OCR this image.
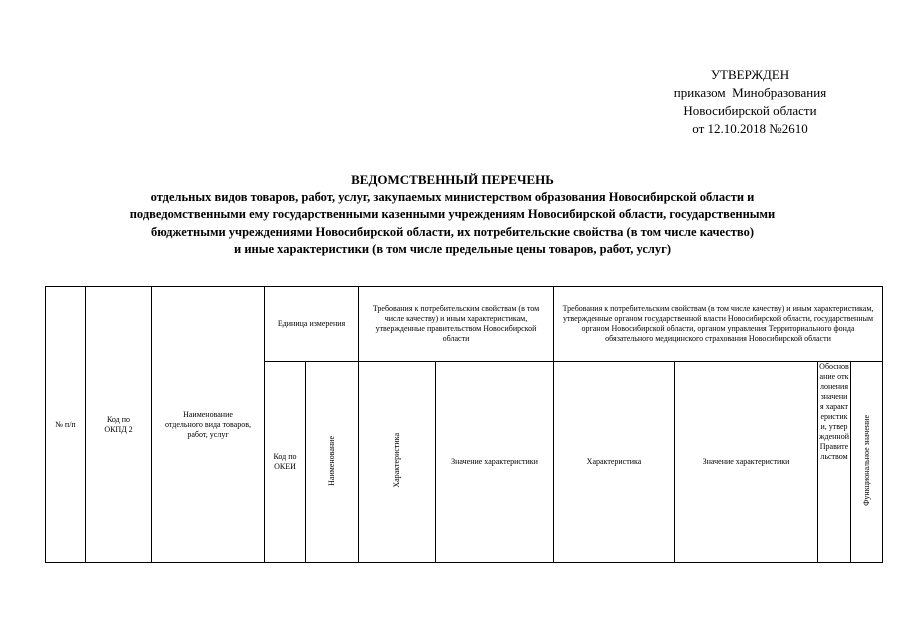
УТВЕРЖДЕН
приказом  Минобразования
Новосибирской области
от 12.10.2018 №2610
ВЕДОМСТВЕННЫЙ ПЕРЕЧЕНЬ
отдельных видов товаров, работ, услуг, закупаемых министерством образования Новосибирской области и
подведомственными ему государственными казенными учреждениям Новосибирской области, государственными
бюджетными учреждениями Новосибирской области, их потребительские свойства (в том числе качество)
и иные характеристики (в том числе предельные цены товаров, работ, услуг)
№ п/п	Код по ОКПД 2	Наименование отдельного вида товаров, работ, услуг	Единица измерения		Требования к потребительским свойствам (в том числе качеству) и иным характеристикам, утвержденные правительством Новосибирской области		Требования к потребительским свойствам (в том числе качеству) и иным характеристикам, утвержденные органом государственной власти Новосибирской области, государственным органом Новосибирской области, органом управления Территориального фонда обязательного медицинского страхования Новосибирской области			

			Код по ОКЕИ	Наименование	Характеристика	Значение характеристики	Характеристика	Значение характеристики	Обоснование отклонения значения характеристики, утвержденной Правительством	Функциональное значение
